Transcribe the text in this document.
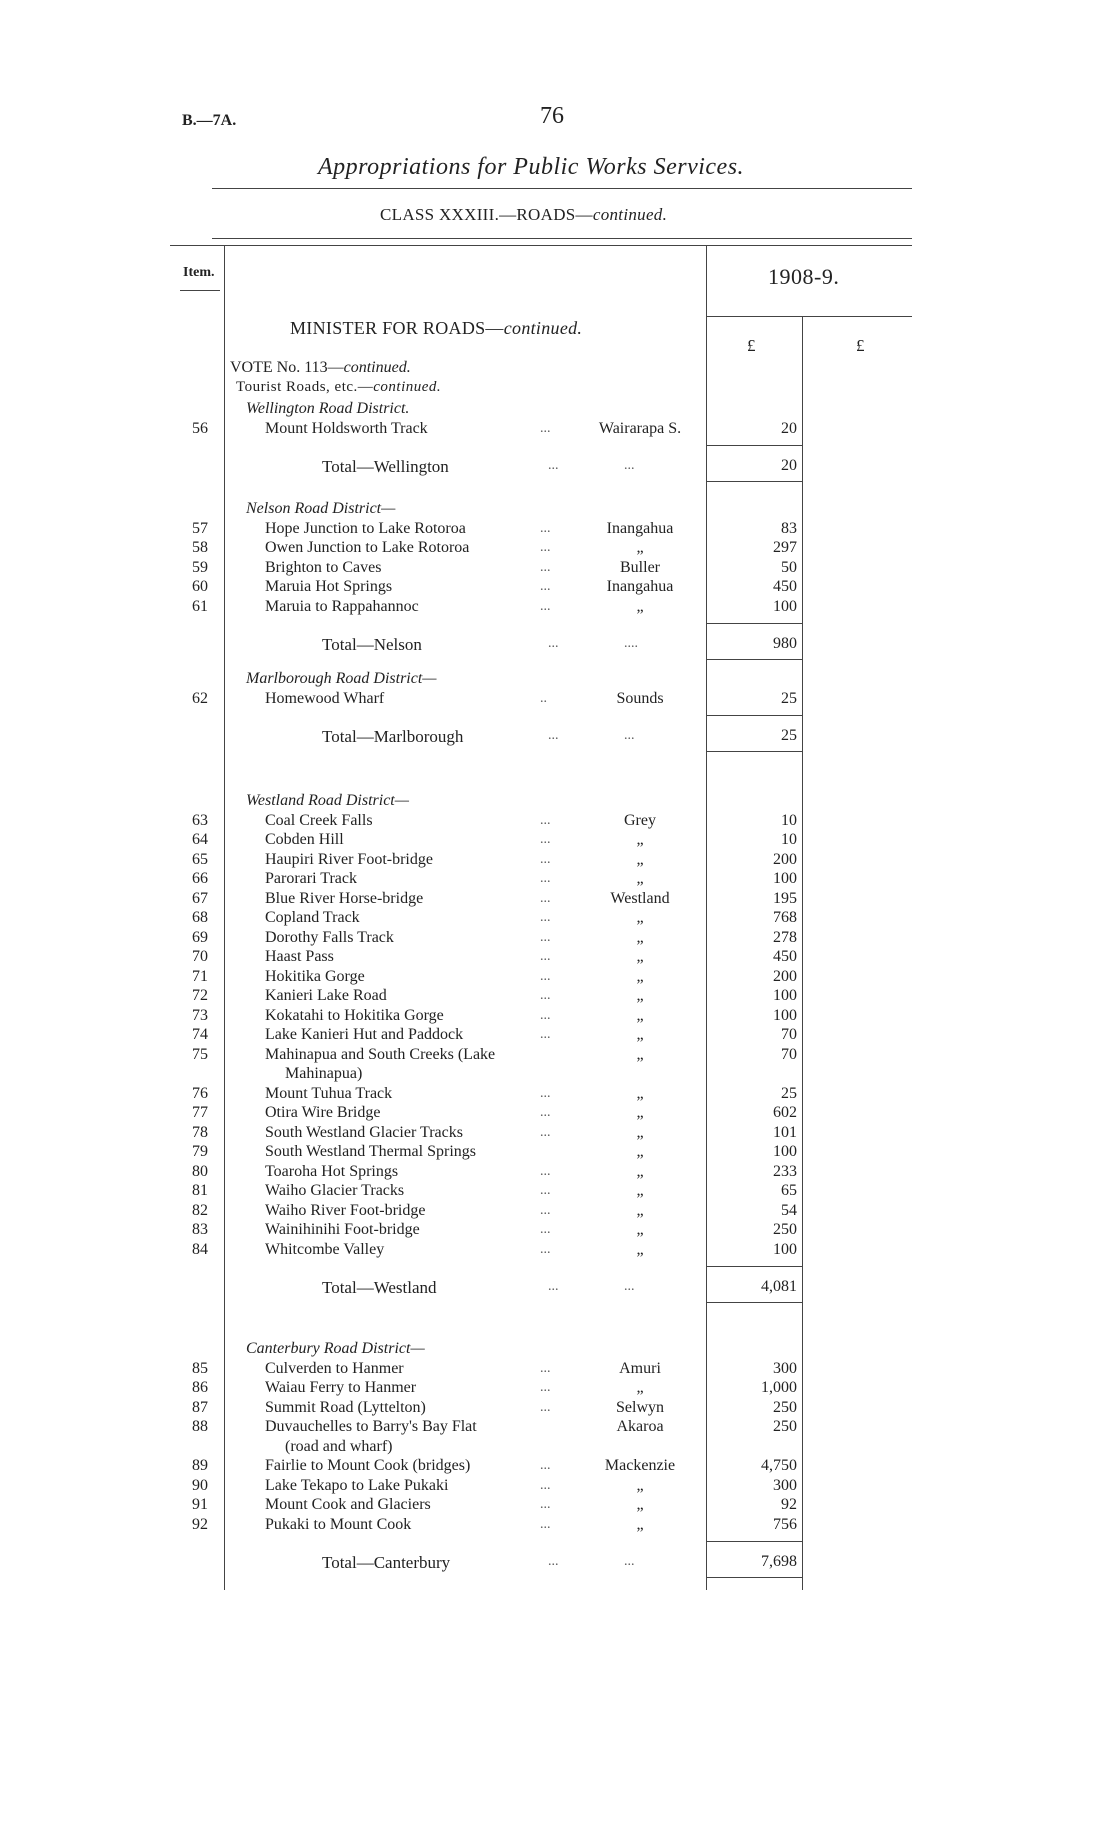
B.—7A.	76
Appropriations for Public Works Services.
CLASS XXXIII.—ROADS—continued.
Item.	1908-9.
£	£
MINISTER FOR ROADS—continued.
VOTE No. 113—continued.
Tourist Roads, etc.—continued.
Wellington Road District.
56	Mount Holdsworth Track	...	Wairarapa S.	20
Total—Wellington	...	...	20
Nelson Road District—
57	Hope Junction to Lake Rotoroa	...	Inangahua	83
58	Owen Junction to Lake Rotoroa	...	„	297
59	Brighton to Caves	...	Buller	50
60	Maruia Hot Springs	...	Inangahua	450
61	Maruia to Rappahannoc	...	„	100
Total—Nelson	...	....	980
Marlborough Road District—
62	Homewood Wharf	..	Sounds	25
Total—Marlborough	...	...	25
Westland Road District—
63	Coal Creek Falls	...	Grey	10
64	Cobden Hill	...	„	10
65	Haupiri River Foot-bridge	...	„	200
66	Parorari Track	...	„	100
67	Blue River Horse-bridge	...	Westland	195
68	Copland Track	...	„	768
69	Dorothy Falls Track	...	„	278
70	Haast Pass	...	„	450
71	Hokitika Gorge	...	„	200
72	Kanieri Lake Road	...	„	100
73	Kokatahi to Hokitika Gorge	...	„	100
74	Lake Kanieri Hut and Paddock	...	„	70
75	Mahinapua and South Creeks (Lake	„	70
Mahinapua)
76	Mount Tuhua Track	...	„	25
77	Otira Wire Bridge	...	„	602
78	South Westland Glacier Tracks	...	„	101
79	South Westland Thermal Springs	„	100
80	Toaroha Hot Springs	...	„	233
81	Waiho Glacier Tracks	...	„	65
82	Waiho River Foot-bridge	...	„	54
83	Wainihinihi Foot-bridge	...	„	250
84	Whitcombe Valley	...	„	100
Total—Westland	...	...	4,081
Canterbury Road District—
85	Culverden to Hanmer	...	Amuri	300
86	Waiau Ferry to Hanmer	...	„	1,000
87	Summit Road (Lyttelton)	...	Selwyn	250
88	Duvauchelles to Barry's Bay Flat	Akaroa	250
(road and wharf)
89	Fairlie to Mount Cook (bridges)	...	Mackenzie	4,750
90	Lake Tekapo to Lake Pukaki	...	„	300
91	Mount Cook and Glaciers	...	„	92
92	Pukaki to Mount Cook	...	„	756
Total—Canterbury	...	...	7,698
